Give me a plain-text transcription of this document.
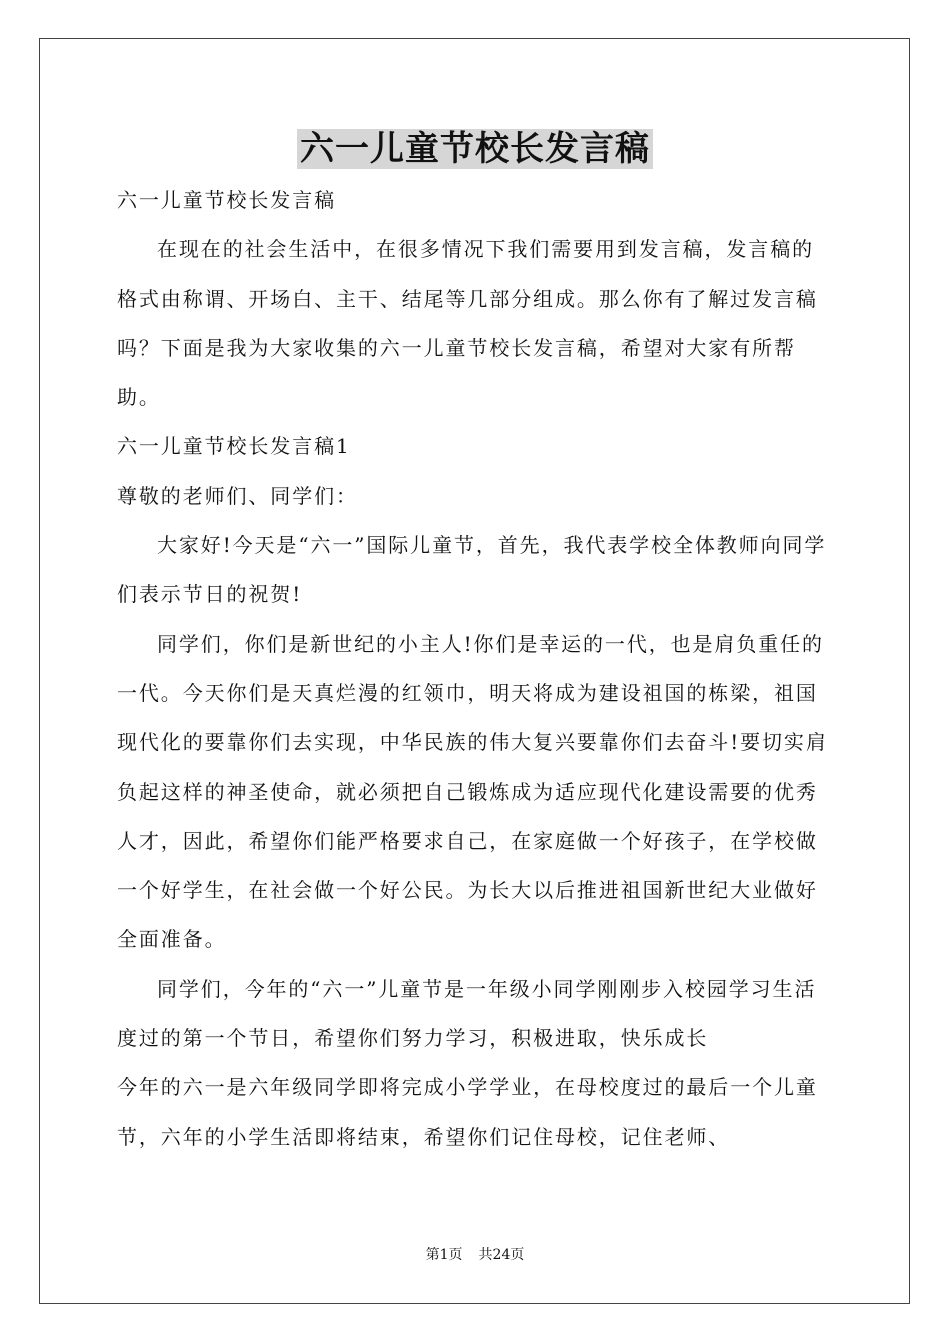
六一儿童节校长发言稿

六一儿童节校长发言稿

在现在的社会生活中，在很多情况下我们需要用到发言稿，发言稿的格式由称谓、开场白、主干、结尾等几部分组成。那么你有了解过发言稿吗？下面是我为大家收集的六一儿童节校长发言稿，希望对大家有所帮助。

六一儿童节校长发言稿1

尊敬的老师们、同学们：

大家好!今天是“六一”国际儿童节，首先，我代表学校全体教师向同学们表示节日的祝贺!

同学们，你们是新世纪的小主人!你们是幸运的一代，也是肩负重任的一代。今天你们是天真烂漫的红领巾，明天将成为建设祖国的栋梁，祖国现代化的要靠你们去实现，中华民族的伟大复兴要靠你们去奋斗!要切实肩负起这样的神圣使命，就必须把自己锻炼成为适应现代化建设需要的优秀人才，因此，希望你们能严格要求自己，在家庭做一个好孩子，在学校做一个好学生，在社会做一个好公民。为长大以后推进祖国新世纪大业做好全面准备。

同学们，今年的“六一”儿童节是一年级小同学刚刚步入校园学习生活度过的第一个节日，希望你们努力学习，积极进取，快乐成长

今年的六一是六年级同学即将完成小学学业，在母校度过的最后一个儿童节，六年的小学生活即将结束，希望你们记住母校，记住老师、

第1页 共24页
